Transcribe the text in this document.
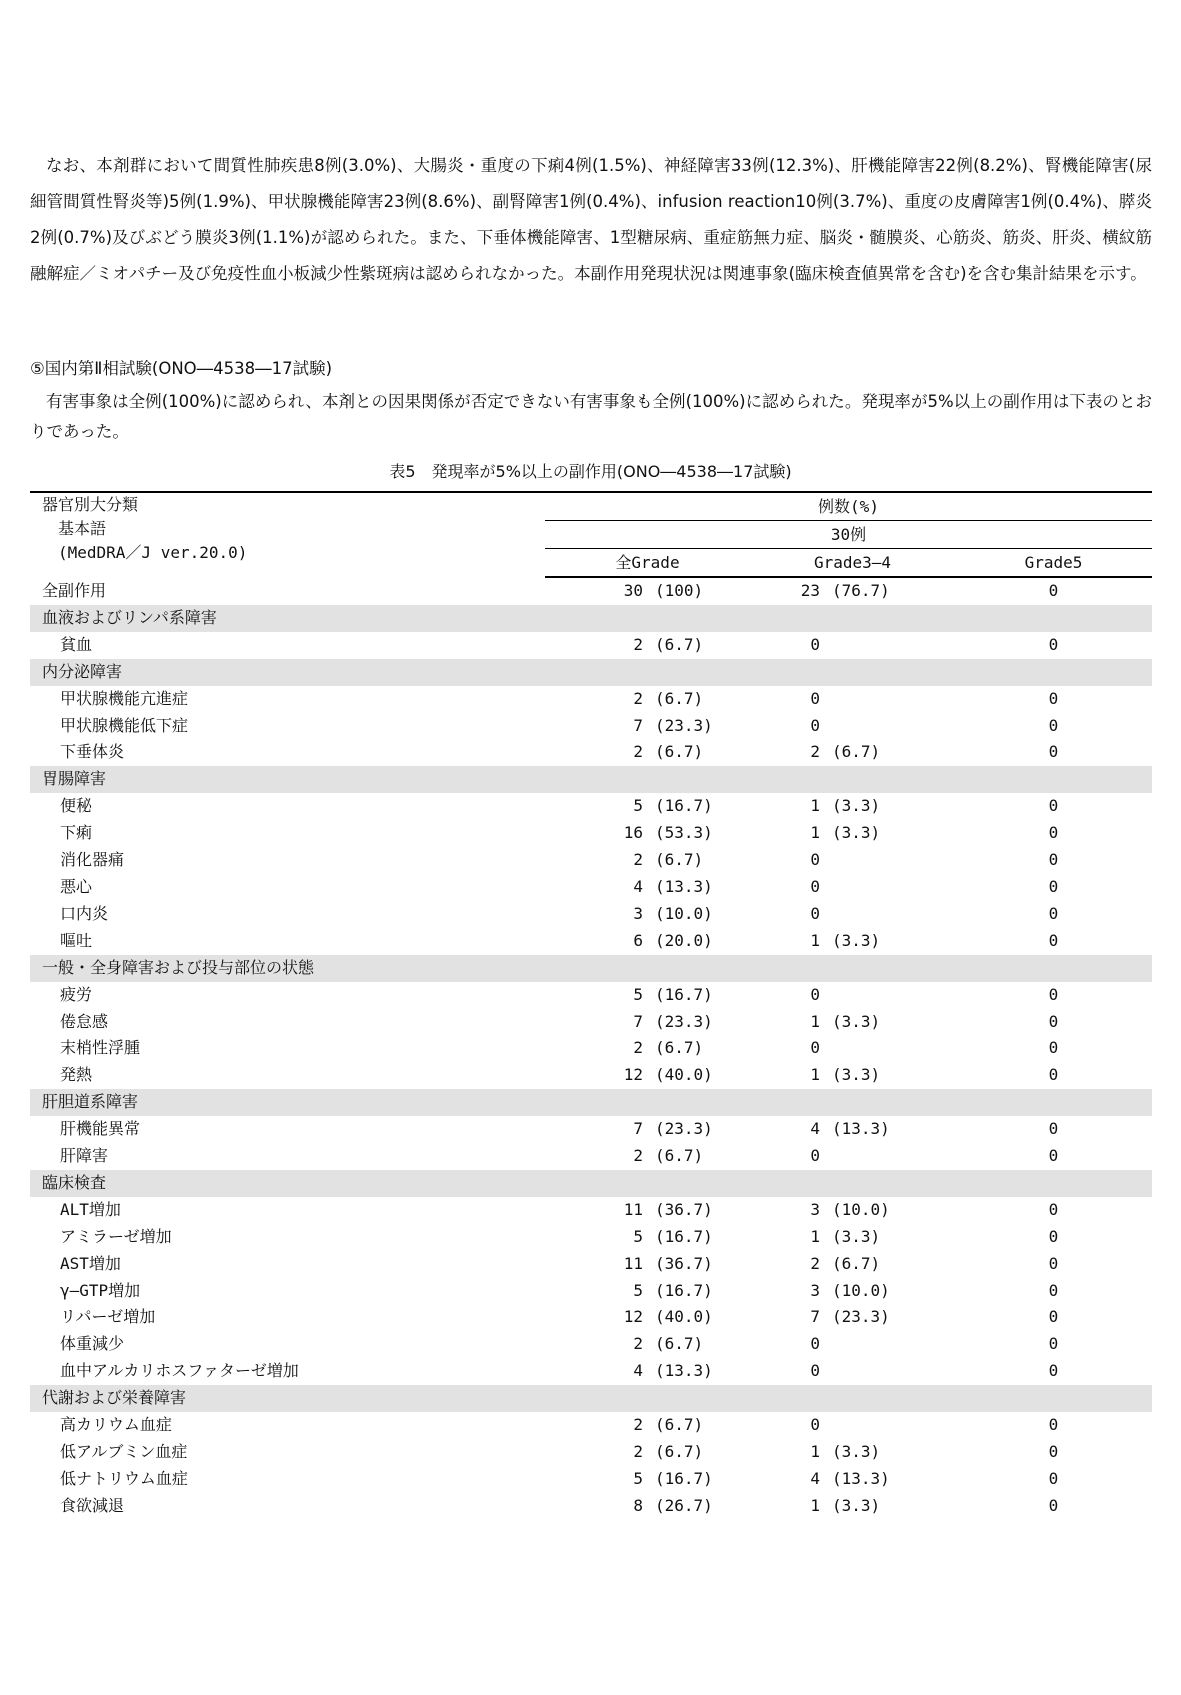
なお、本剤群において間質性肺疾患8例(3.0%)、大腸炎・重度の下痢4例(1.5%)、神経障害33例(12.3%)、肝機能障害22例(8.2%)、腎機能障害(尿細管間質性腎炎等)5例(1.9%)、甲状腺機能障害23例(8.6%)、副腎障害1例(0.4%)、infusion reaction10例(3.7%)、重度の皮膚障害1例(0.4%)、膵炎2例(0.7%)及びぶどう膜炎3例(1.1%)が認められた。また、下垂体機能障害、1型糖尿病、重症筋無力症、脳炎・髄膜炎、心筋炎、筋炎、肝炎、横紋筋融解症／ミオパチー及び免疫性血小板減少性紫斑病は認められなかった。本副作用発現状況は関連事象(臨床検査値異常を含む)を含む集計結果を示す。

⑤国内第Ⅱ相試験(ONO―4538―17試験)

有害事象は全例(100%)に認められ、本剤との因果関係が否定できない有害事象も全例(100%)に認められた。発現率が5%以上の副作用は下表のとおりであった。

表5　発現率が5%以上の副作用(ONO―4538―17試験)

器官別大分類
基本語
(MedDRA／J ver.20.0)	例数(%)		
	30例		
	全Grade	Grade3―4	Grade5
全副作用	30 (100)	23 (76.7)	0
血液およびリンパ系障害			
貧血	2 (6.7)	0	0
内分泌障害			
甲状腺機能亢進症	2 (6.7)	0	0
甲状腺機能低下症	7 (23.3)	0	0
下垂体炎	2 (6.7)	2 (6.7)	0
胃腸障害			
便秘	5 (16.7)	1 (3.3)	0
下痢	16 (53.3)	1 (3.3)	0
消化器痛	2 (6.7)	0	0
悪心	4 (13.3)	0	0
口内炎	3 (10.0)	0	0
嘔吐	6 (20.0)	1 (3.3)	0
一般・全身障害および投与部位の状態			
疲労	5 (16.7)	0	0
倦怠感	7 (23.3)	1 (3.3)	0
末梢性浮腫	2 (6.7)	0	0
発熱	12 (40.0)	1 (3.3)	0
肝胆道系障害			
肝機能異常	7 (23.3)	4 (13.3)	0
肝障害	2 (6.7)	0	0
臨床検査			
ALT増加	11 (36.7)	3 (10.0)	0
アミラーゼ増加	5 (16.7)	1 (3.3)	0
AST増加	11 (36.7)	2 (6.7)	0
γ―GTP増加	5 (16.7)	3 (10.0)	0
リパーゼ増加	12 (40.0)	7 (23.3)	0
体重減少	2 (6.7)	0	0
血中アルカリホスファターゼ増加	4 (13.3)	0	0
代謝および栄養障害			
高カリウム血症	2 (6.7)	0	0
低アルブミン血症	2 (6.7)	1 (3.3)	0
低ナトリウム血症	5 (16.7)	4 (13.3)	0
食欲減退	8 (26.7)	1 (3.3)	0
